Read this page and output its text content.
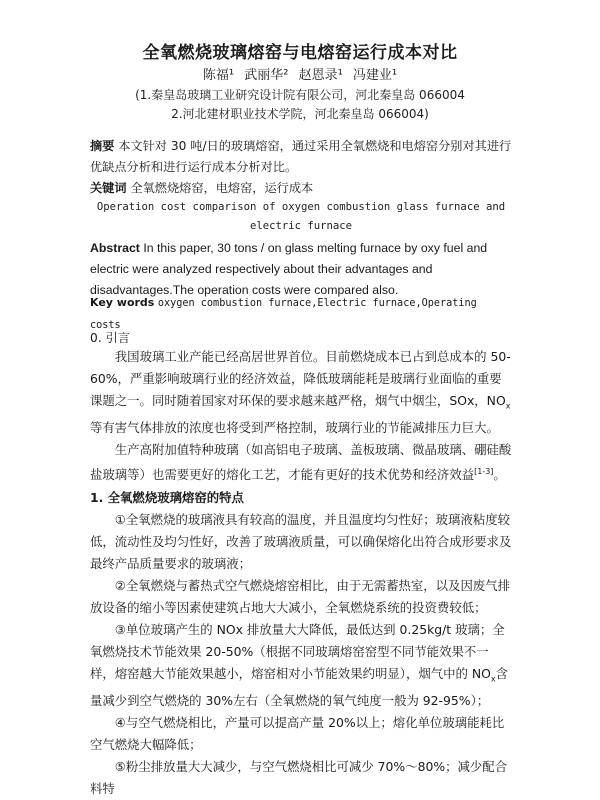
全氧燃烧玻璃熔窑与电熔窑运行成本对比
陈福¹ 武丽华² 赵恩录¹ 冯建业¹
(1.秦皇岛玻璃工业研究设计院有限公司，河北秦皇岛 066004
2.河北建材职业技术学院，河北秦皇岛 066004)
摘要 本文针对 30 吨/日的玻璃熔窑，通过采用全氧燃烧和电熔窑分别对其进行优缺点分析和进行运行成本分析对比。
关键词 全氧燃烧熔窑，电熔窑，运行成本
Operation cost comparison of oxygen combustion glass furnace and
electric furnace
Abstract In this paper, 30 tons / on glass melting furnace by oxy fuel and electric were analyzed respectively about their advantages and disadvantages.The operation costs were compared also.
Key words oxygen combustion furnace,Electric furnace,Operating costs
0. 引言

我国玻璃工业产能已经高居世界首位。目前燃烧成本已占到总成本的 50-60%，严重影响玻璃行业的经济效益，降低玻璃能耗是玻璃行业面临的重要课题之一。同时随着国家对环保的要求越来越严格，烟气中烟尘，SOx，$NO_x$等有害气体排放的浓度也将受到严格控制，玻璃行业的节能减排压力巨大。

生产高附加值特种玻璃（如高铝电子玻璃、盖板玻璃、微晶玻璃、硼硅酸盐玻璃等）也需要更好的熔化工艺，才能有更好的技术优势和经济效益[1-3]。

1. 全氧燃烧玻璃熔窑的特点

①全氧燃烧的玻璃液具有较高的温度，并且温度均匀性好；玻璃液粘度较低，流动性及均匀性好，改善了玻璃液质量，可以确保熔化出符合成形要求及最终产品质量要求的玻璃液；

②全氧燃烧与蓄热式空气燃烧熔窑相比，由于无需蓄热室，以及因废气排放设备的缩小等因素使建筑占地大大减小，全氧燃烧系统的投资费较低；

③单位玻璃产生的 NOx 排放量大大降低，最低达到 0.25kg/t 玻璃；全氧燃烧技术节能效果 20-50%（根据不同玻璃熔窑窑型不同节能效果不一样，熔窑越大节能效果越小，熔窑相对小节能效果约明显），烟气中的 $NO_x$含量减少到空气燃烧的 30%左右（全氧燃烧的氧气纯度一般为 92-95%）；

④与空气燃烧相比，产量可以提高产量 20%以上；熔化单位玻璃能耗比空气燃烧大幅降低；

⑤粉尘排放量大大减少，与空气燃烧相比可减少 70%～80%；减少配合料特
